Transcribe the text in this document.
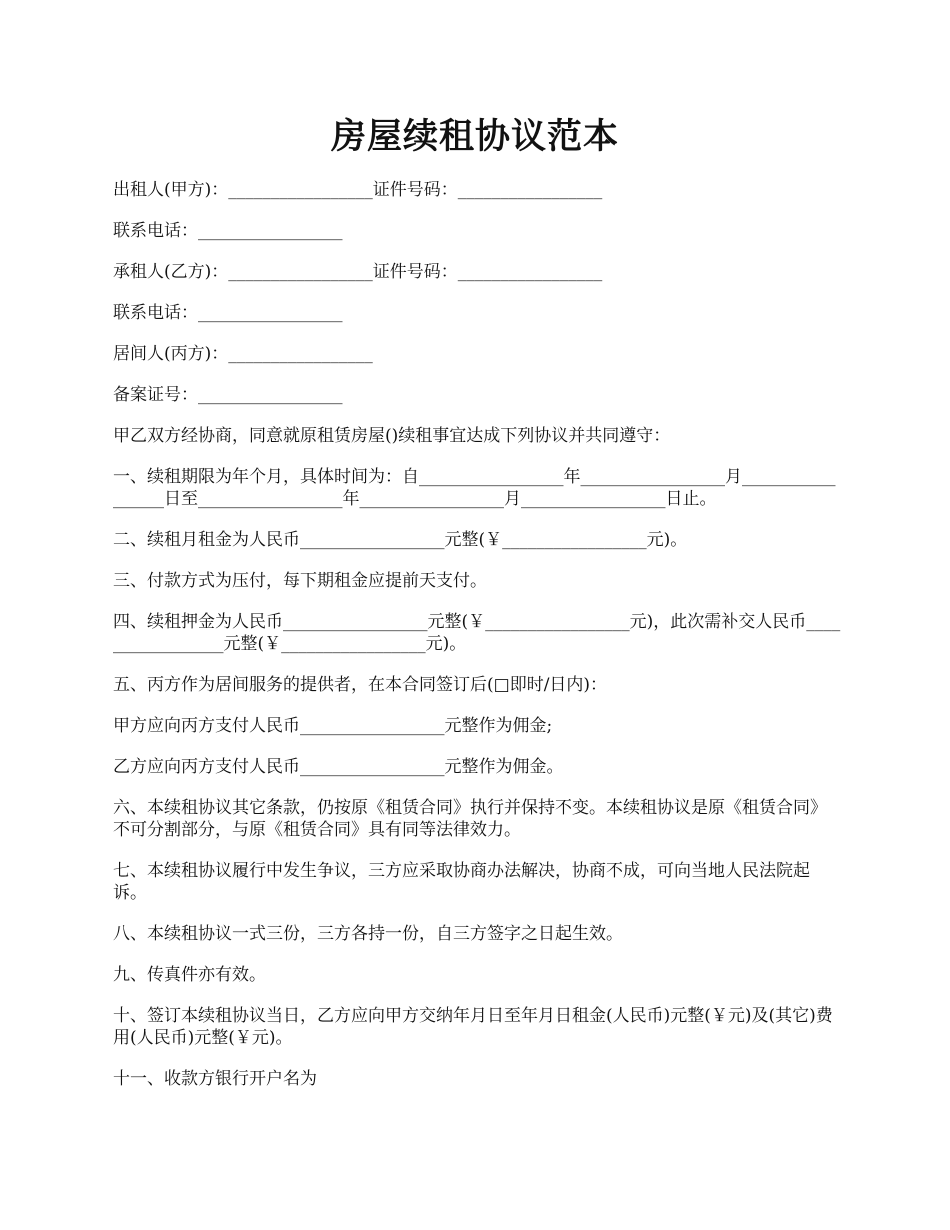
房屋续租协议范本

出租人(甲方)：_________________证件号码：_________________

联系电话：_________________

承租人(乙方)：_________________证件号码：_________________

联系电话：_________________

居间人(丙方)：_________________

备案证号：_________________

甲乙双方经协商，同意就原租赁房屋()续租事宜达成下列协议并共同遵守：

一、续租期限为年个月，具体时间为：自_________________年_________________月_________________日至_________________年_________________月_________________日止。

二、续租月租金为人民币_________________元整(￥_________________元)。

三、付款方式为压付，每下期租金应提前天支付。

四、续租押金为人民币_________________元整(￥_________________元)，此次需补交人民币_________________元整(￥_________________元)。

五、丙方作为居间服务的提供者，在本合同签订后(□即时/日内)：

甲方应向丙方支付人民币_________________元整作为佣金;

乙方应向丙方支付人民币_________________元整作为佣金。

六、本续租协议其它条款，仍按原《租赁合同》执行并保持不变。本续租协议是原《租赁合同》不可分割部分，与原《租赁合同》具有同等法律效力。

七、本续租协议履行中发生争议，三方应采取协商办法解决，协商不成，可向当地人民法院起诉。

八、本续租协议一式三份，三方各持一份，自三方签字之日起生效。

九、传真件亦有效。

十、签订本续租协议当日，乙方应向甲方交纳年月日至年月日租金(人民币)元整(￥元)及(其它)费用(人民币)元整(￥元)。

十一、收款方银行开户名为
